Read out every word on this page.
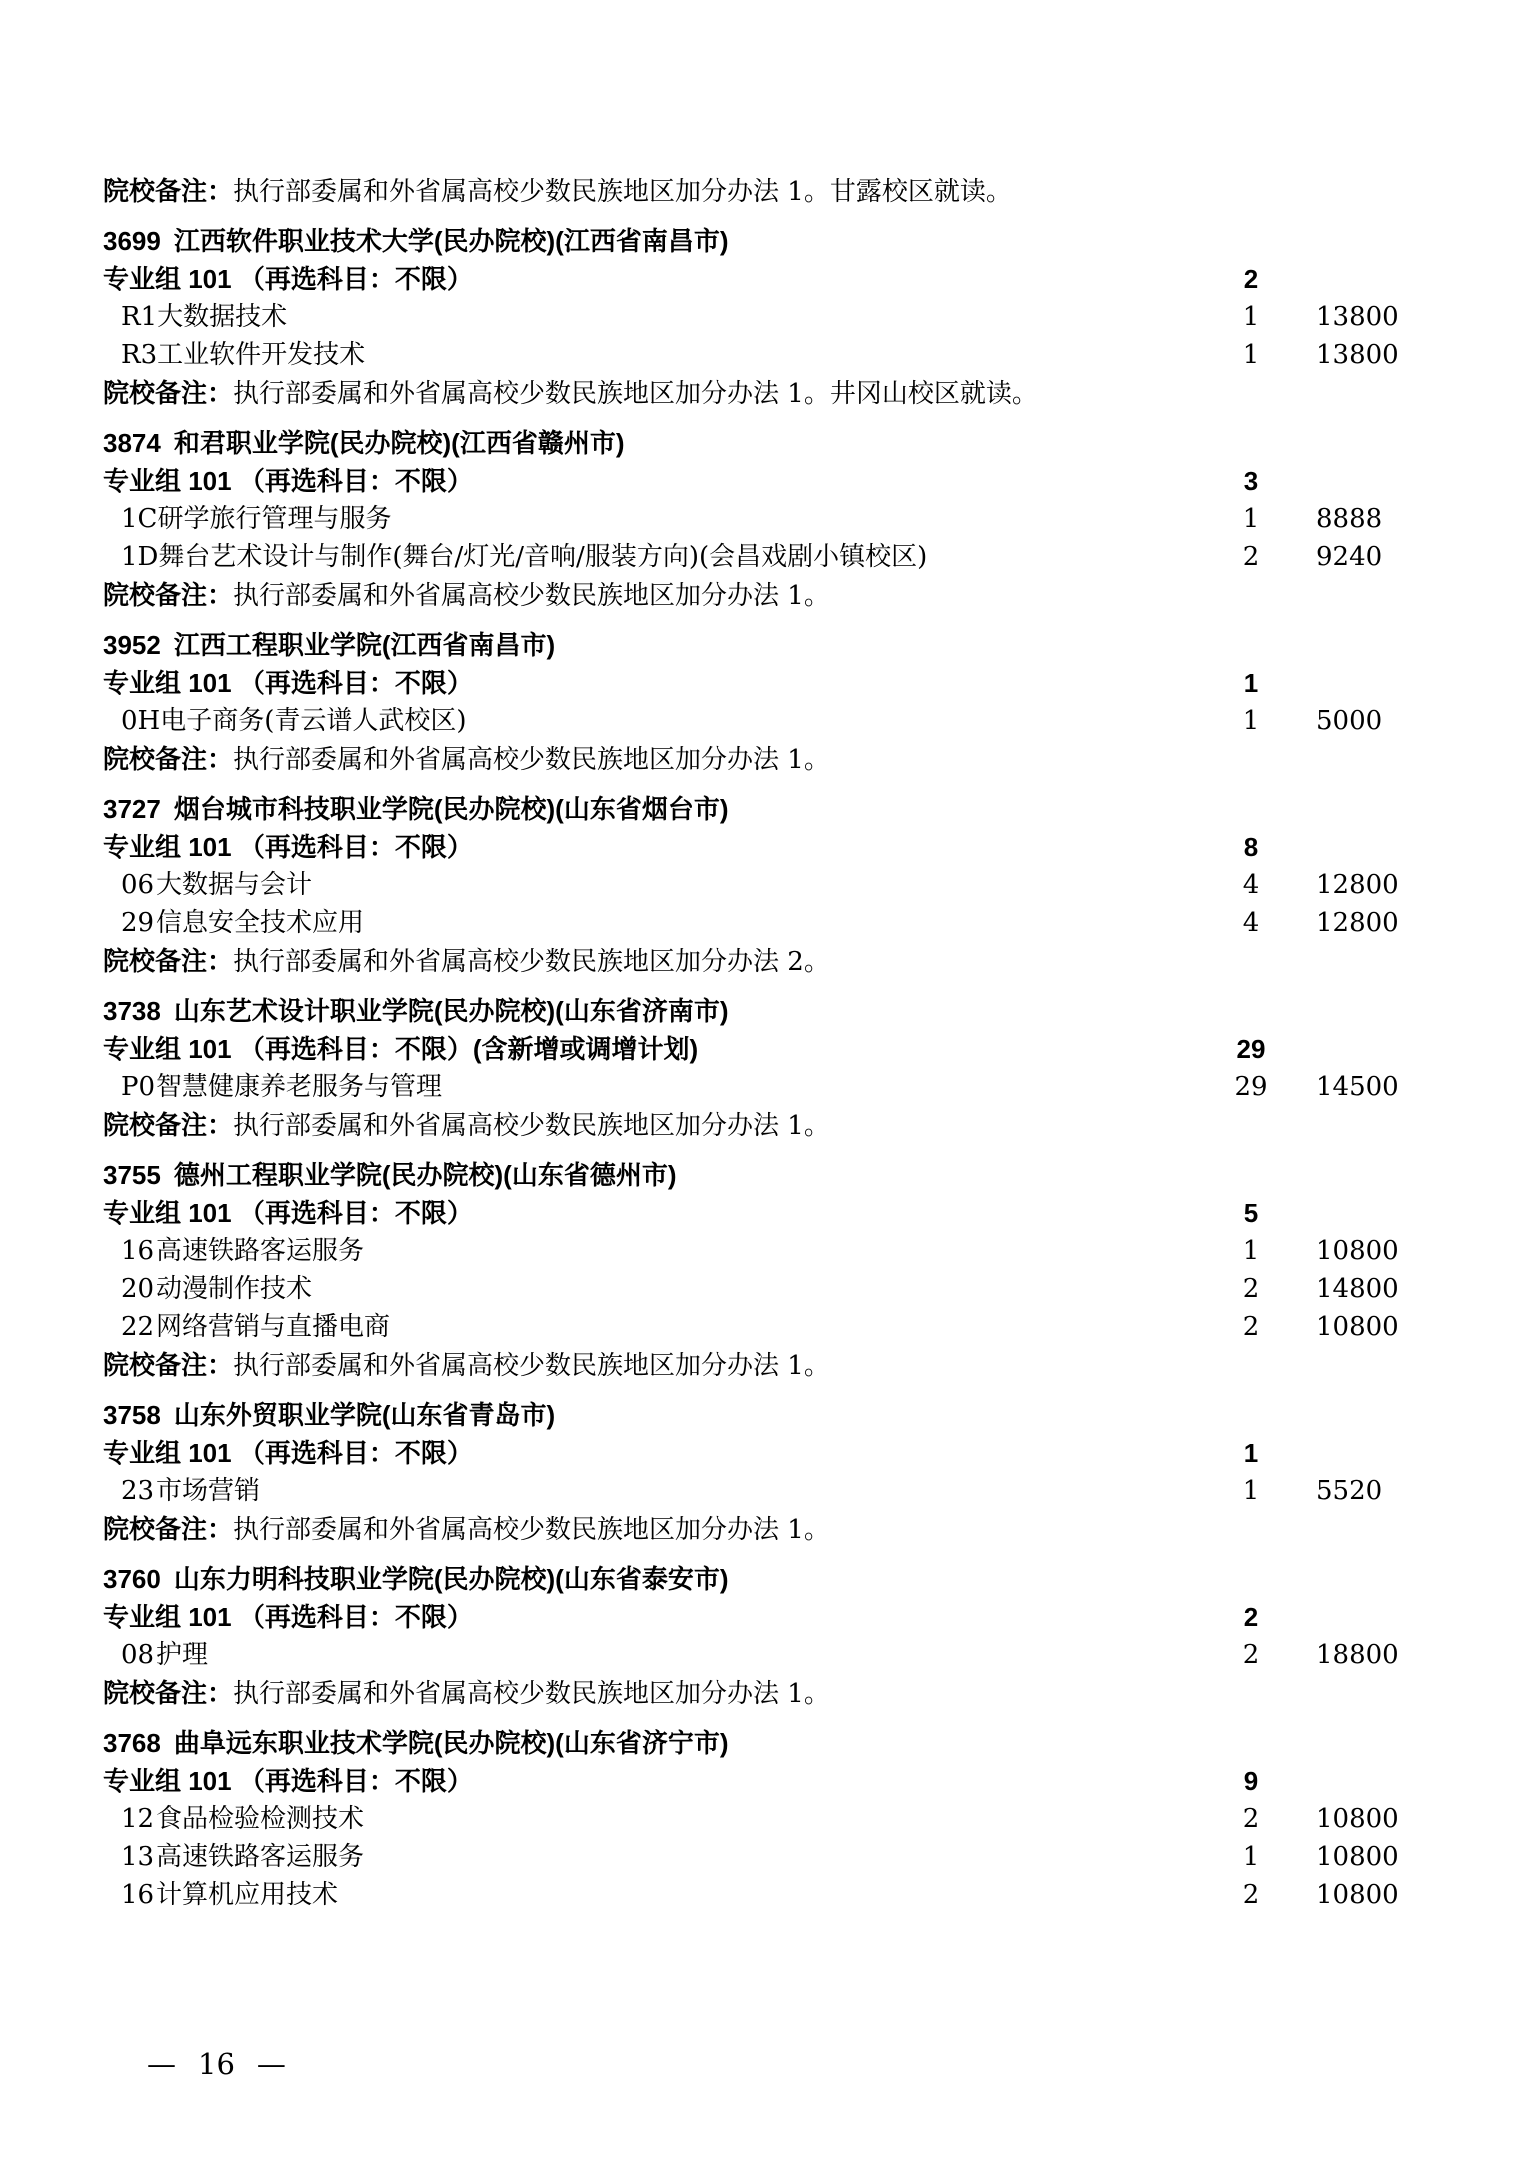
院校备注：执行部委属和外省属高校少数民族地区加分办法 1。甘露校区就读。
3699 江西软件职业技术大学(民办院校)(江西省南昌市)
专业组 101 （再选科目：不限）	2
R1大数据技术	1	13800
R3工业软件开发技术	1	13800
院校备注：执行部委属和外省属高校少数民族地区加分办法 1。井冈山校区就读。
3874 和君职业学院(民办院校)(江西省赣州市)
专业组 101 （再选科目：不限）	3
1C研学旅行管理与服务	1	8888
1D舞台艺术设计与制作(舞台/灯光/音响/服装方向)(会昌戏剧小镇校区)	2	9240
院校备注：执行部委属和外省属高校少数民族地区加分办法 1。
3952 江西工程职业学院(江西省南昌市)
专业组 101 （再选科目：不限）	1
0H电子商务(青云谱人武校区)	1	5000
院校备注：执行部委属和外省属高校少数民族地区加分办法 1。
3727 烟台城市科技职业学院(民办院校)(山东省烟台市)
专业组 101 （再选科目：不限）	8
06大数据与会计	4	12800
29信息安全技术应用	4	12800
院校备注：执行部委属和外省属高校少数民族地区加分办法 2。
3738 山东艺术设计职业学院(民办院校)(山东省济南市)
专业组 101 （再选科目：不限）(含新增或调增计划)	29
P0智慧健康养老服务与管理	29 14500
院校备注：执行部委属和外省属高校少数民族地区加分办法 1。
3755 德州工程职业学院(民办院校)(山东省德州市)
专业组 101 （再选科目：不限）	5
16高速铁路客运服务	1	10800
20动漫制作技术	2	14800
22网络营销与直播电商	2	10800
院校备注：执行部委属和外省属高校少数民族地区加分办法 1。
3758 山东外贸职业学院(山东省青岛市)
专业组 101 （再选科目：不限）	1
23市场营销	1	5520
院校备注：执行部委属和外省属高校少数民族地区加分办法 1。
3760 山东力明科技职业学院(民办院校)(山东省泰安市)
专业组 101 （再选科目：不限）	2
08护理	2	18800
院校备注：执行部委属和外省属高校少数民族地区加分办法 1。
3768 曲阜远东职业技术学院(民办院校)(山东省济宁市)
专业组 101 （再选科目：不限）	9
12食品检验检测技术	2	10800
13高速铁路客运服务	1	10800
16计算机应用技术	2	10800
— 16 —
